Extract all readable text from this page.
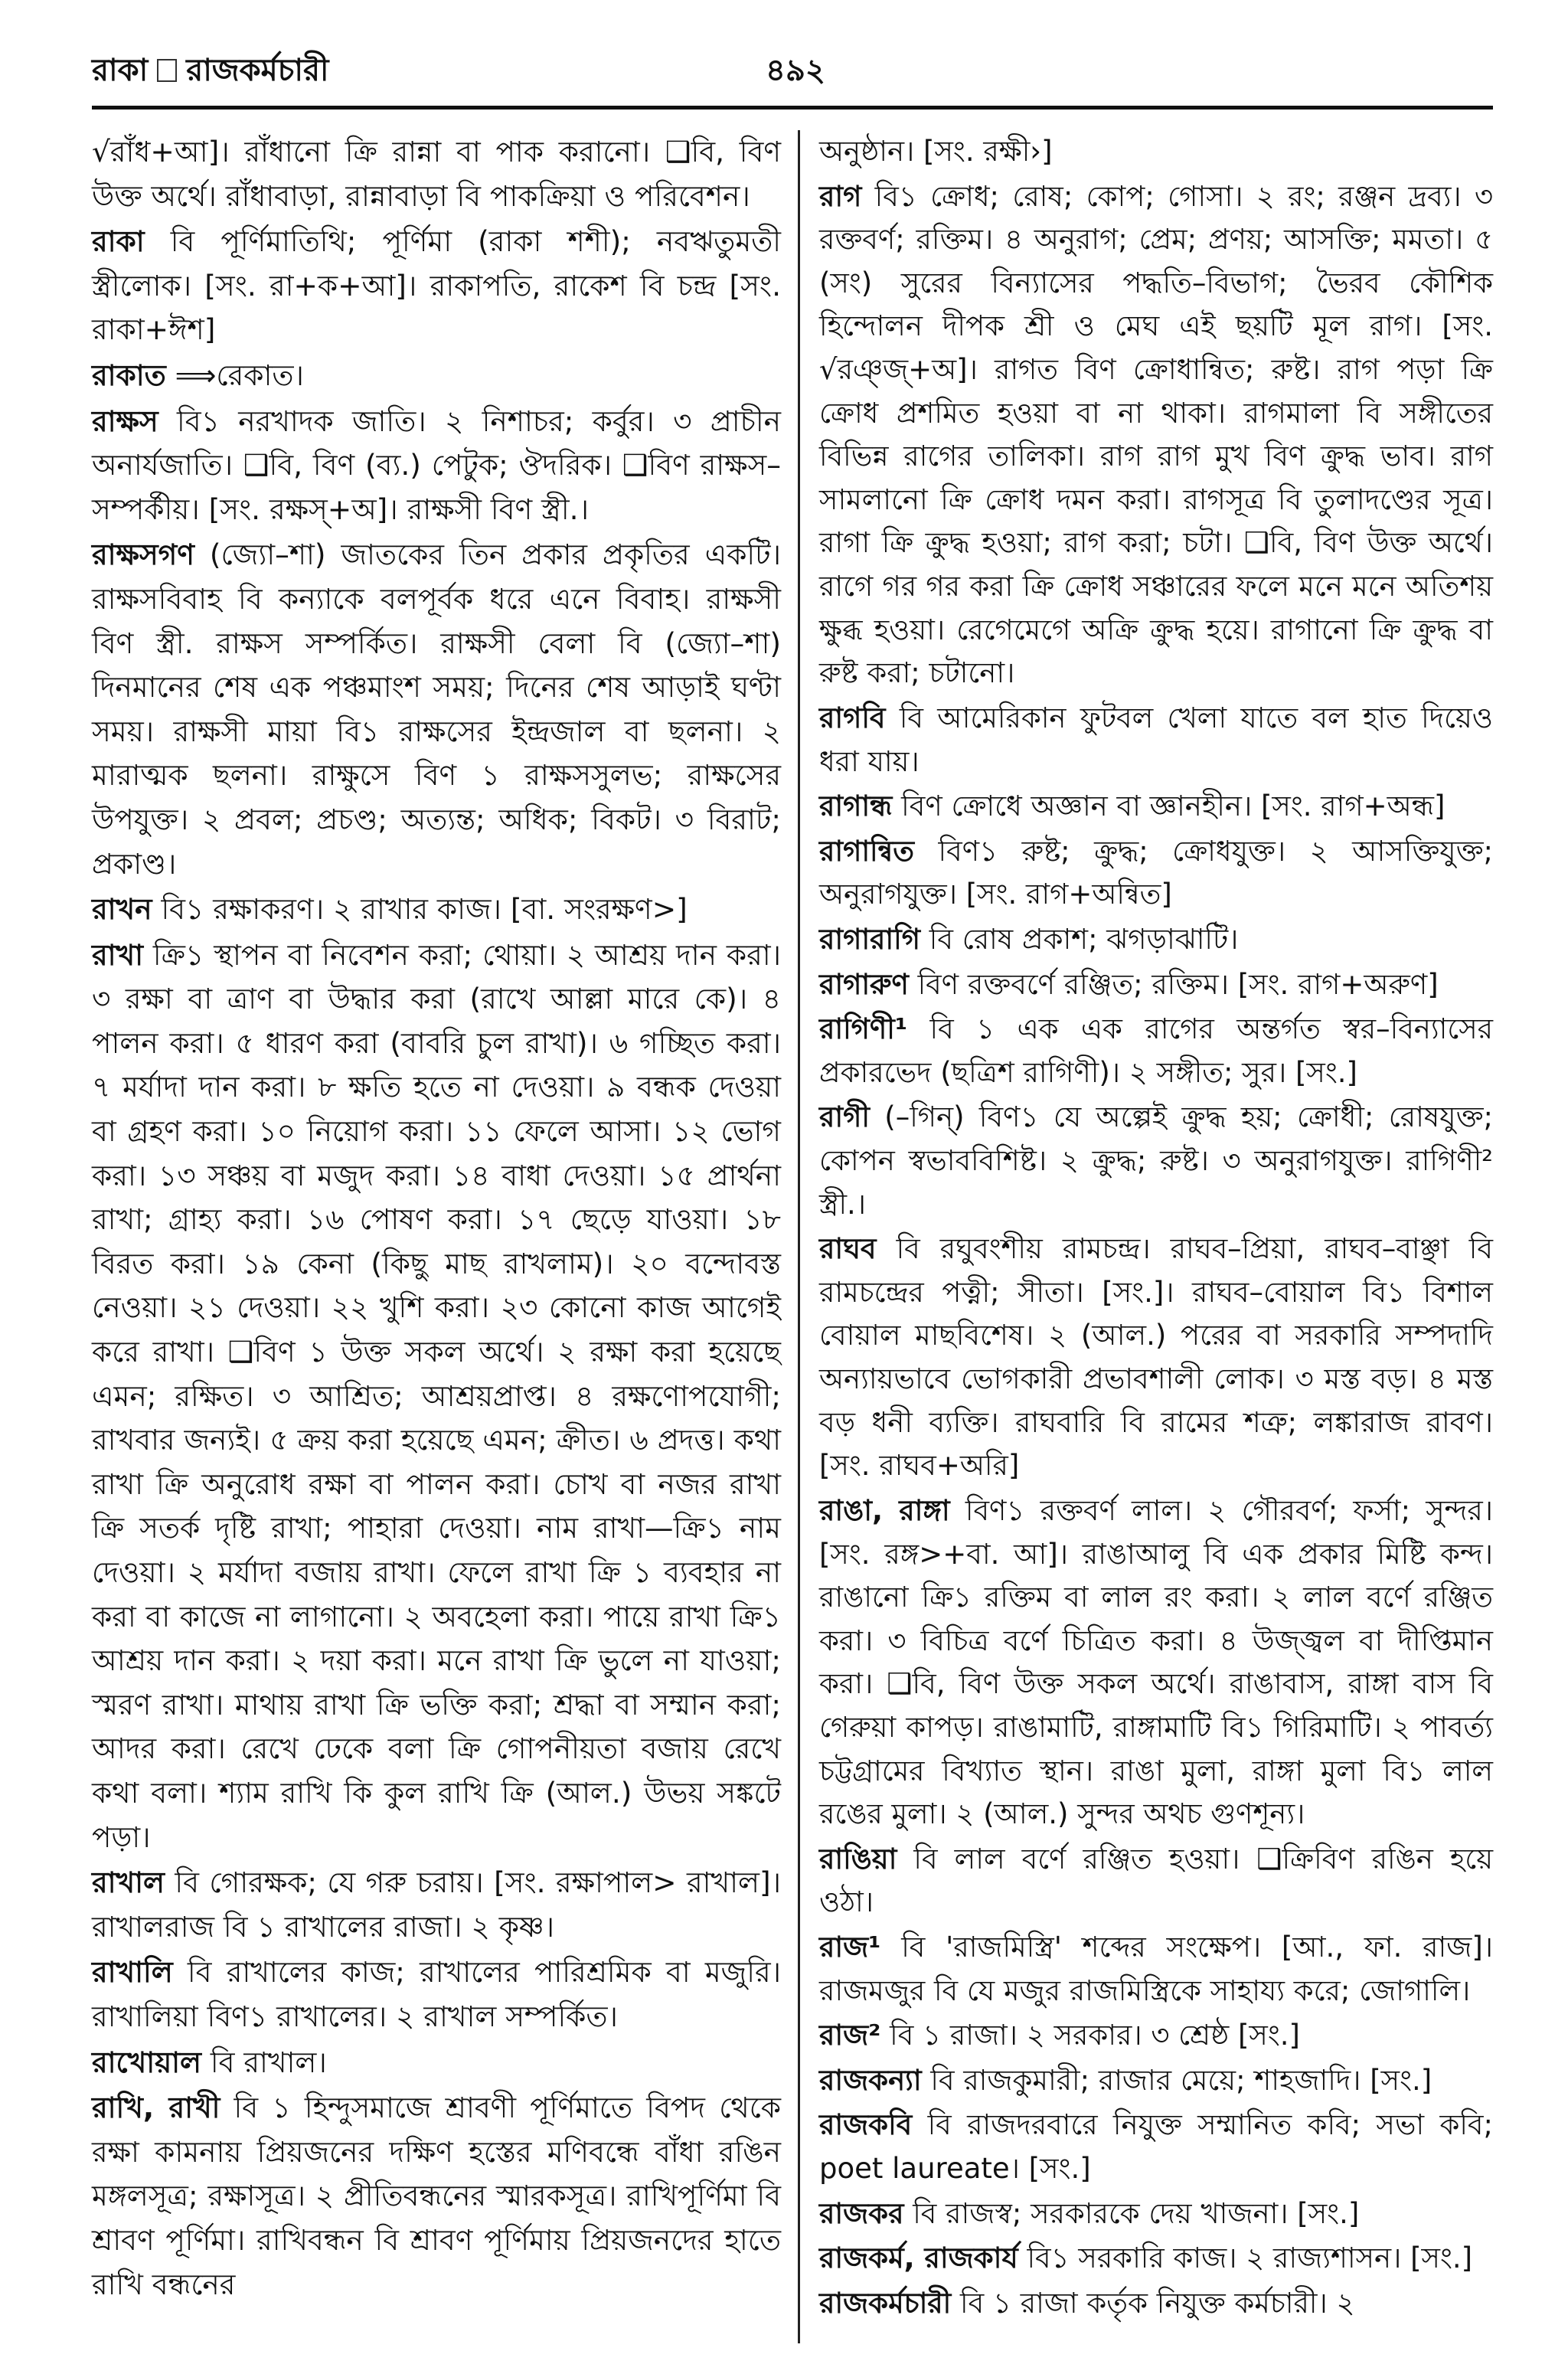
রাকা রাজকর্মচারী	৪৯২
√রাঁধ+আ]। রাঁধানো ক্রি রান্না বা পাক করানো। ❑বি, বিণ উক্ত অর্থে। রাঁধাবাড়া, রান্নাবাড়া বি পাকক্রিয়া ও পরিবেশন।
রাকা বি পূর্ণিমাতিথি; পূর্ণিমা (রাকা শশী); নবঋতুমতী স্ত্রীলোক। [সং. রা+ক+আ]। রাকাপতি, রাকেশ বি চন্দ্র [সং. রাকা+ঈশ]
রাকাত ⟹রেকাত।
রাক্ষস বি১ নরখাদক জাতি। ২ নিশাচর; কর্বুর। ৩ প্রাচীন অনার্যজাতি। ❑বি, বিণ (ব্য.) পেটুক; ঔদরিক। ❑বিণ রাক্ষস–সম্পর্কীয়। [সং. রক্ষস্+অ]। রাক্ষসী বিণ স্ত্রী.।
রাক্ষসগণ (জ্যো–শা) জাতকের তিন প্রকার প্রকৃতির একটি। রাক্ষসবিবাহ বি কন্যাকে বলপূর্বক ধরে এনে বিবাহ। রাক্ষসী বিণ স্ত্রী. রাক্ষস সম্পর্কিত। রাক্ষসী বেলা বি (জ্যো–শা) দিনমানের শেষ এক পঞ্চমাংশ সময়; দিনের শেষ আড়াই ঘণ্টা সময়। রাক্ষসী মায়া বি১ রাক্ষসের ইন্দ্রজাল বা ছলনা। ২ মারাত্মক ছলনা। রাক্ষুসে বিণ ১ রাক্ষসসুলভ; রাক্ষসের উপযুক্ত। ২ প্রবল; প্রচণ্ড; অত্যন্ত; অধিক; বিকট। ৩ বিরাট; প্রকাণ্ড।
রাখন বি১ রক্ষাকরণ। ২ রাখার কাজ। [বা. সংরক্ষণ>]
রাখা ক্রি১ স্থাপন বা নিবেশন করা; থোয়া। ২ আশ্রয় দান করা। ৩ রক্ষা বা ত্রাণ বা উদ্ধার করা (রাখে আল্লা মারে কে)। ৪ পালন করা। ৫ ধারণ করা (বাবরি চুল রাখা)। ৬ গচ্ছিত করা। ৭ মর্যাদা দান করা। ৮ ক্ষতি হতে না দেওয়া। ৯ বন্ধক দেওয়া বা গ্রহণ করা। ১০ নিয়োগ করা। ১১ ফেলে আসা। ১২ ভোগ করা। ১৩ সঞ্চয় বা মজুদ করা। ১৪ বাধা দেওয়া। ১৫ প্রার্থনা রাখা; গ্রাহ্য করা। ১৬ পোষণ করা। ১৭ ছেড়ে যাওয়া। ১৮ বিরত করা। ১৯ কেনা (কিছু মাছ রাখলাম)। ২০ বন্দোবস্ত নেওয়া। ২১ দেওয়া। ২২ খুশি করা। ২৩ কোনো কাজ আগেই করে রাখা। ❑বিণ ১ উক্ত সকল অর্থে। ২ রক্ষা করা হয়েছে এমন; রক্ষিত। ৩ আশ্রিত; আশ্রয়প্রাপ্ত। ৪ রক্ষণোপযোগী; রাখবার জন্যই। ৫ ক্রয় করা হয়েছে এমন; ক্রীত। ৬ প্রদত্ত। কথা রাখা ক্রি অনুরোধ রক্ষা বা পালন করা। চোখ বা নজর রাখা ক্রি সতর্ক দৃষ্টি রাখা; পাহারা দেওয়া। নাম রাখা—ক্রি১ নাম দেওয়া। ২ মর্যাদা বজায় রাখা। ফেলে রাখা ক্রি ১ ব্যবহার না করা বা কাজে না লাগানো। ২ অবহেলা করা। পায়ে রাখা ক্রি১ আশ্রয় দান করা। ২ দয়া করা। মনে রাখা ক্রি ভুলে না যাওয়া; স্মরণ রাখা। মাথায় রাখা ক্রি ভক্তি করা; শ্রদ্ধা বা সম্মান করা; আদর করা। রেখে ঢেকে বলা ক্রি গোপনীয়তা বজায় রেখে কথা বলা। শ্যাম রাখি কি কুল রাখি ক্রি (আল.) উভয় সঙ্কটে পড়া।
রাখাল বি গোরক্ষক; যে গরু চরায়। [সং. রক্ষাপাল> রাখাল]। রাখালরাজ বি ১ রাখালের রাজা। ২ কৃষ্ণ।
রাখালি বি রাখালের কাজ; রাখালের পারিশ্রমিক বা মজুরি। রাখালিয়া বিণ১ রাখালের। ২ রাখাল সম্পর্কিত।
রাখোয়াল বি রাখাল।
রাখি, রাখী বি ১ হিন্দুসমাজে শ্রাবণী পূর্ণিমাতে বিপদ থেকে রক্ষা কামনায় প্রিয়জনের দক্ষিণ হস্তের মণিবন্ধে বাঁধা রঙিন মঙ্গলসূত্র; রক্ষাসূত্র। ২ প্রীতিবন্ধনের স্মারকসূত্র। রাখিপূর্ণিমা বি শ্রাবণ পূর্ণিমা। রাখিবন্ধন বি শ্রাবণ পূর্ণিমায় প্রিয়জনদের হাতে রাখি বন্ধনের
অনুষ্ঠান। [সং. রক্ষী›]
রাগ বি১ ক্রোধ; রোষ; কোপ; গোসা। ২ রং; রঞ্জন দ্রব্য। ৩ রক্তবর্ণ; রক্তিম। ৪ অনুরাগ; প্রেম; প্রণয়; আসক্তি; মমতা। ৫ (সং) সুরের বিন্যাসের পদ্ধতি–বিভাগ; ভৈরব কৌশিক হিন্দোলন দীপক শ্রী ও মেঘ এই ছয়টি মূল রাগ। [সং. √রঞ্জ্+অ]। রাগত বিণ ক্রোধান্বিত; রুষ্ট। রাগ পড়া ক্রি ক্রোধ প্রশমিত হওয়া বা না থাকা। রাগমালা বি সঙ্গীতের বিভিন্ন রাগের তালিকা। রাগ রাগ মুখ বিণ ক্রুদ্ধ ভাব। রাগ সামলানো ক্রি ক্রোধ দমন করা। রাগসূত্র বি তুলাদণ্ডের সূত্র। রাগা ক্রি ক্রুদ্ধ হওয়া; রাগ করা; চটা। ❑বি, বিণ উক্ত অর্থে। রাগে গর গর করা ক্রি ক্রোধ সঞ্চারের ফলে মনে মনে অতিশয় ক্ষুব্ধ হওয়া। রেগেমেগে অক্রি ক্রুদ্ধ হয়ে। রাগানো ক্রি ক্রুদ্ধ বা রুষ্ট করা; চটানো।
রাগবি বি আমেরিকান ফুটবল খেলা যাতে বল হাত দিয়েও ধরা যায়।
রাগান্ধ বিণ ক্রোধে অজ্ঞান বা জ্ঞানহীন। [সং. রাগ+অন্ধ]
রাগান্বিত বিণ১ রুষ্ট; ক্রুদ্ধ; ক্রোধযুক্ত। ২ আসক্তিযুক্ত; অনুরাগযুক্ত। [সং. রাগ+অন্বিত]
রাগারাগি বি রোষ প্রকাশ; ঝগড়াঝাটি।
রাগারুণ বিণ রক্তবর্ণে রঞ্জিত; রক্তিম। [সং. রাগ+অরুণ]
রাগিণী¹ বি ১ এক এক রাগের অন্তর্গত স্বর–বিন্যাসের প্রকারভেদ (ছত্রিশ রাগিণী)। ২ সঙ্গীত; সুর। [সং.]
রাগী (–গিন্) বিণ১ যে অল্পেই ক্রুদ্ধ হয়; ক্রোধী; রোষযুক্ত; কোপন স্বভাববিশিষ্ট। ২ ক্রুদ্ধ; রুষ্ট। ৩ অনুরাগযুক্ত। রাগিণী² স্ত্রী.।
রাঘব বি রঘুবংশীয় রামচন্দ্র। রাঘব–প্রিয়া, রাঘব–বাঞ্ছা বি রামচন্দ্রের পত্নী; সীতা। [সং.]। রাঘব–বোয়াল বি১ বিশাল বোয়াল মাছবিশেষ। ২ (আল.) পরের বা সরকারি সম্পদাদি অন্যায়ভাবে ভোগকারী প্রভাবশালী লোক। ৩ মস্ত বড়। ৪ মস্ত বড় ধনী ব্যক্তি। রাঘবারি বি রামের শত্রু; লঙ্কারাজ রাবণ। [সং. রাঘব+অরি]
রাঙা, রাঙ্গা বিণ১ রক্তবর্ণ লাল। ২ গৌরবর্ণ; ফর্সা; সুন্দর। [সং. রঙ্গ>+বা. আ]। রাঙাআলু বি এক প্রকার মিষ্টি কন্দ। রাঙানো ক্রি১ রক্তিম বা লাল রং করা। ২ লাল বর্ণে রঞ্জিত করা। ৩ বিচিত্র বর্ণে চিত্রিত করা। ৪ উজ্জ্বল বা দীপ্তিমান করা। ❑বি, বিণ উক্ত সকল অর্থে। রাঙাবাস, রাঙ্গা বাস বি গেরুয়া কাপড়। রাঙামাটি, রাঙ্গামাটি বি১ গিরিমাটি। ২ পাবর্ত্য চট্টগ্রামের বিখ্যাত স্থান। রাঙা মুলা, রাঙ্গা মুলা বি১ লাল রঙের মুলা। ২ (আল.) সুন্দর অথচ গুণশূন্য।
রাঙিয়া বি লাল বর্ণে রঞ্জিত হওয়া। ❑ক্রিবিণ রঙিন হয়ে ওঠা।
রাজ¹ বি 'রাজমিস্ত্রি' শব্দের সংক্ষেপ। [আ., ফা. রাজ]। রাজমজুর বি যে মজুর রাজমিস্ত্রিকে সাহায্য করে; জোগালি।
রাজ² বি ১ রাজা। ২ সরকার। ৩ শ্রেষ্ঠ [সং.]
রাজকন্যা বি রাজকুমারী; রাজার মেয়ে; শাহজাদি। [সং.]
রাজকবি বি রাজদরবারে নিযুক্ত সম্মানিত কবি; সভা কবি; poet laureate। [সং.]
রাজকর বি রাজস্ব; সরকারকে দেয় খাজনা। [সং.]
রাজকর্ম, রাজকার্য বি১ সরকারি কাজ। ২ রাজ্যশাসন। [সং.]
রাজকর্মচারী বি ১ রাজা কর্তৃক নিযুক্ত কর্মচারী। ২
